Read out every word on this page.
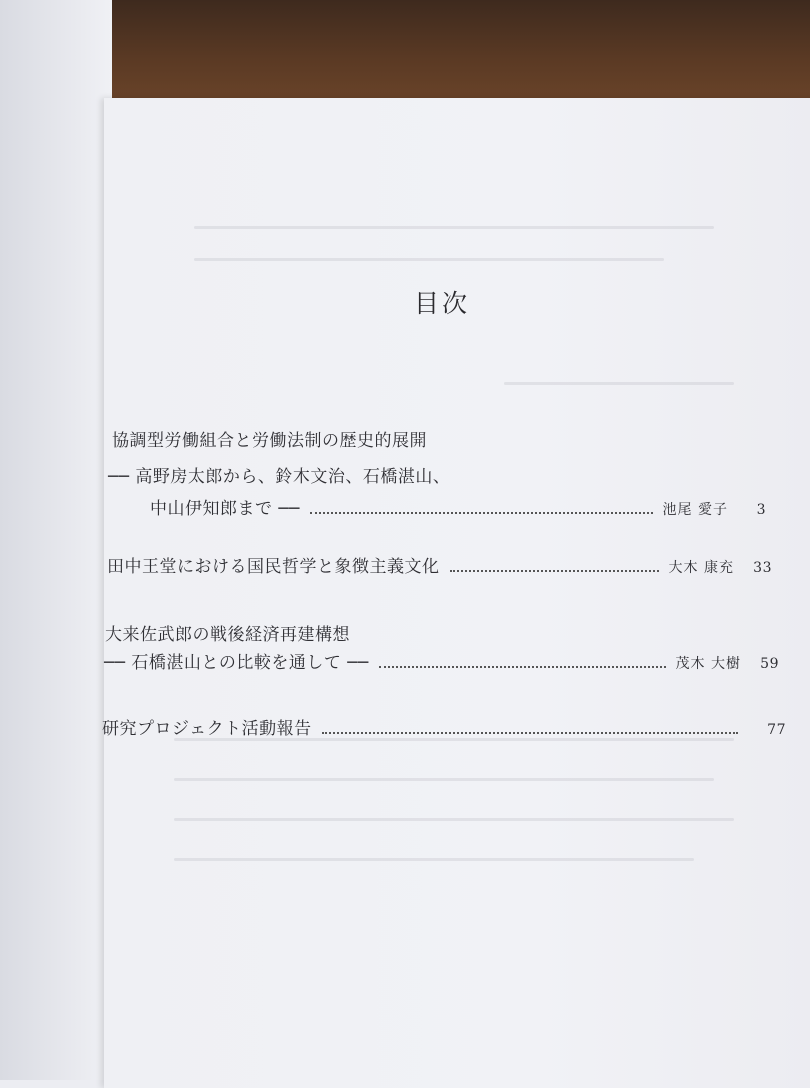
目次
協調型労働組合と労働法制の歴史的展開
── 高野房太郎から、鈴木文治、石橋湛山、
中山伊知郎まで ──	池尾 愛子	3
田中王堂における国民哲学と象徴主義文化	大木 康充	33
大来佐武郎の戦後経済再建構想
── 石橋湛山との比較を通して ──	茂木 大樹	59
研究プロジェクト活動報告	77
